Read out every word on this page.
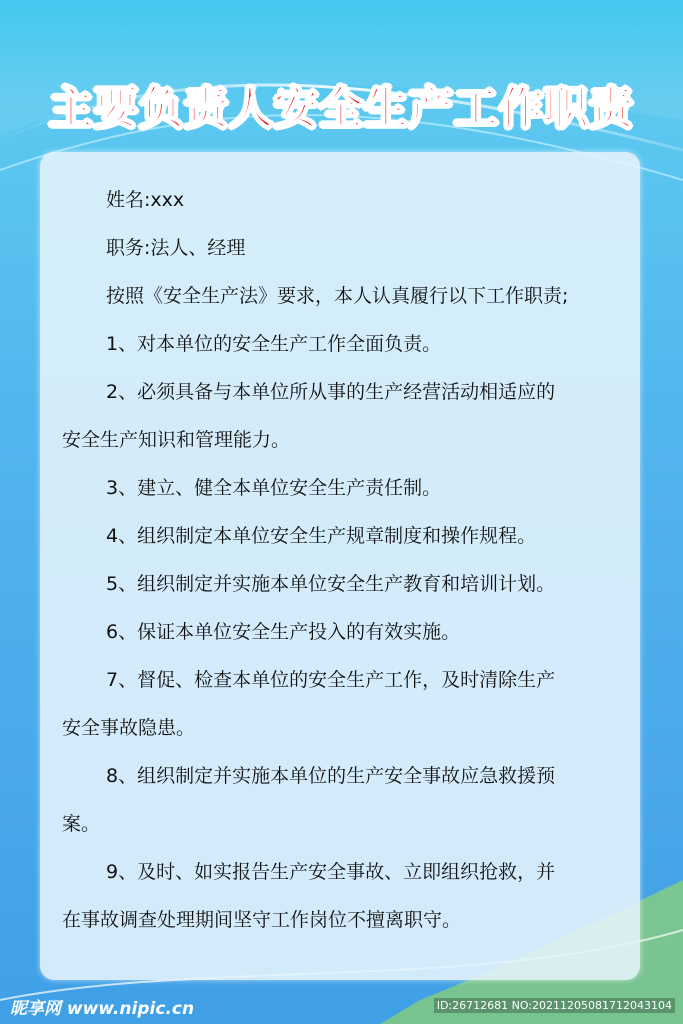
主要负责人安全生产工作职责
姓名:xxx
职务:法人、经理
按照《安全生产法》要求，本人认真履行以下工作职责;
1、对本单位的安全生产工作全面负责。
2、必须具备与本单位所从事的生产经营活动相适应的
安全生产知识和管理能力。
3、建立、健全本单位安全生产责任制。
4、组织制定本单位安全生产规章制度和操作规程。
5、组织制定并实施本单位安全生产教育和培训计划。
6、保证本单位安全生产投入的有效实施。
7、督促、检查本单位的安全生产工作，及时清除生产
安全事故隐患。
8、组织制定并实施本单位的生产安全事故应急救援预
案。
9、及时、如实报告生产安全事故、立即组织抢救，并
在事故调查处理期间坚守工作岗位不擅离职守。
昵享网 www.nipic.cn	ID:26712681 NO:20211205081712043104
